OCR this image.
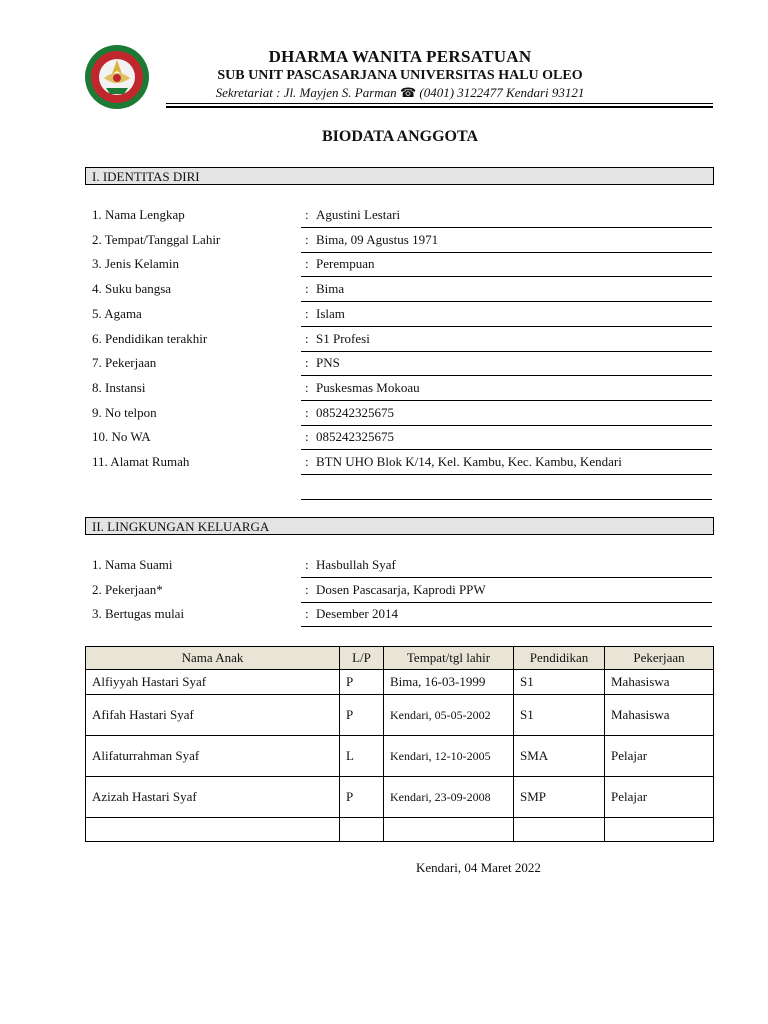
DHARMA WANITA PERSATUAN
SUB UNIT PASCASARJANA UNIVERSITAS HALU OLEO
Sekretariat : Jl. Mayjen S. Parman ☎ (0401) 3122477 Kendari 93121
BIODATA ANGGOTA
I. IDENTITAS DIRI
1. Nama Lengkap	: Agustini Lestari
2. Tempat/Tanggal Lahir	: Bima, 09 Agustus 1971
3. Jenis Kelamin	: Perempuan
4. Suku bangsa	: Bima
5. Agama	: Islam
6. Pendidikan terakhir	: S1 Profesi
7. Pekerjaan	: PNS
8. Instansi	: Puskesmas Mokoau
9. No telpon	: 085242325675
10. No WA	: 085242325675
11. Alamat Rumah	: BTN UHO Blok K/14, Kel. Kambu, Kec. Kambu, Kendari
II. LINGKUNGAN KELUARGA
1. Nama Suami	: Hasbullah Syaf
2. Pekerjaan*	: Dosen Pascasarja, Kaprodi PPW
3. Bertugas mulai	: Desember 2014
Nama Anak	L/P	Tempat/tgl lahir	Pendidikan	Pekerjaan
Alfiyyah Hastari Syaf	P	Bima, 16-03-1999	S1	Mahasiswa
Afifah Hastari Syaf	P	Kendari, 05-05-2002	S1	Mahasiswa
Alifaturrahman Syaf	L	Kendari, 12-10-2005	SMA	Pelajar
Azizah Hastari Syaf	P	Kendari, 23-09-2008	SMP	Pelajar

Kendari, 04 Maret 2022
